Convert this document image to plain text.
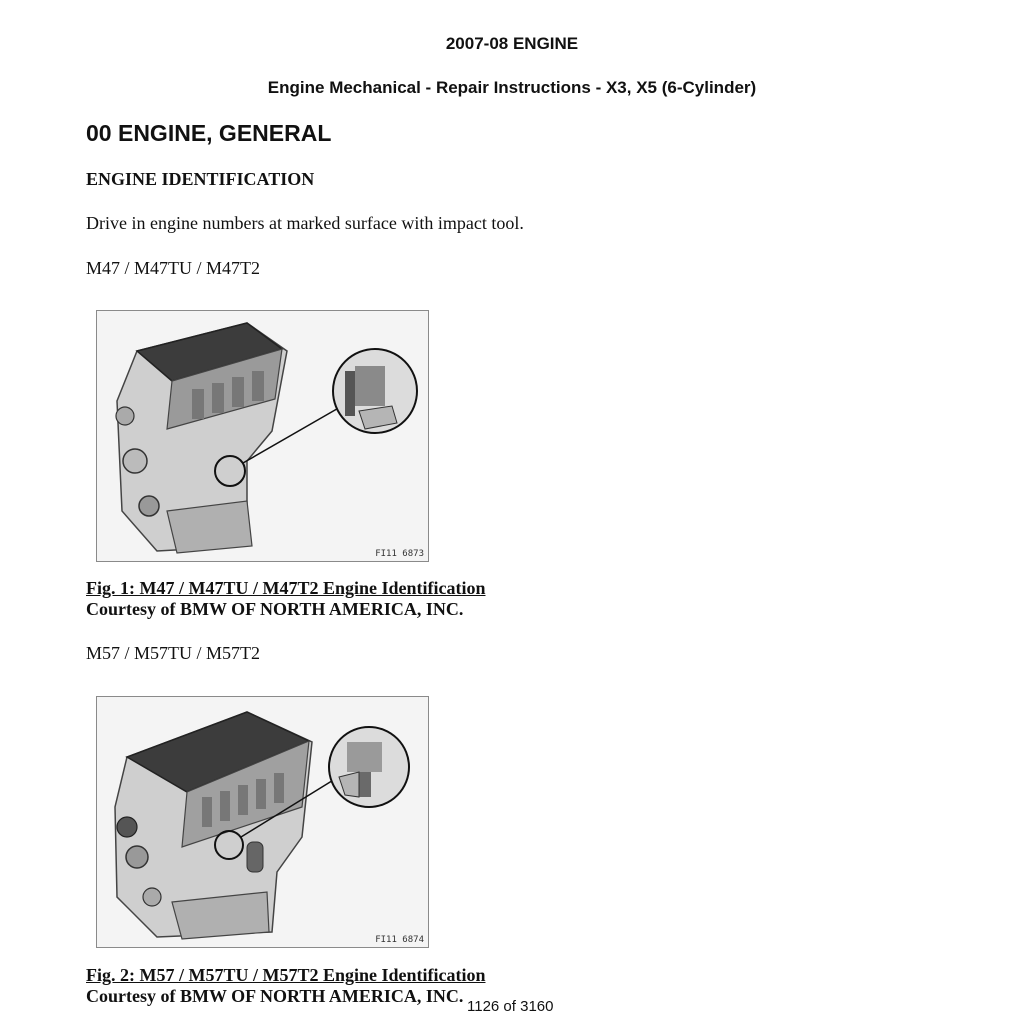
2007-08 ENGINE
Engine Mechanical - Repair Instructions - X3, X5 (6-Cylinder)
00 ENGINE, GENERAL
ENGINE IDENTIFICATION
Drive in engine numbers at marked surface with impact tool.
M47 / M47TU / M47T2
FI11 6873
Fig. 1: M47 / M47TU / M47T2 Engine Identification
Courtesy of BMW OF NORTH AMERICA, INC.
M57 / M57TU / M57T2
FI11 6874
Fig. 2: M57 / M57TU / M57T2 Engine Identification
Courtesy of BMW OF NORTH AMERICA, INC.
1126 of 3160
